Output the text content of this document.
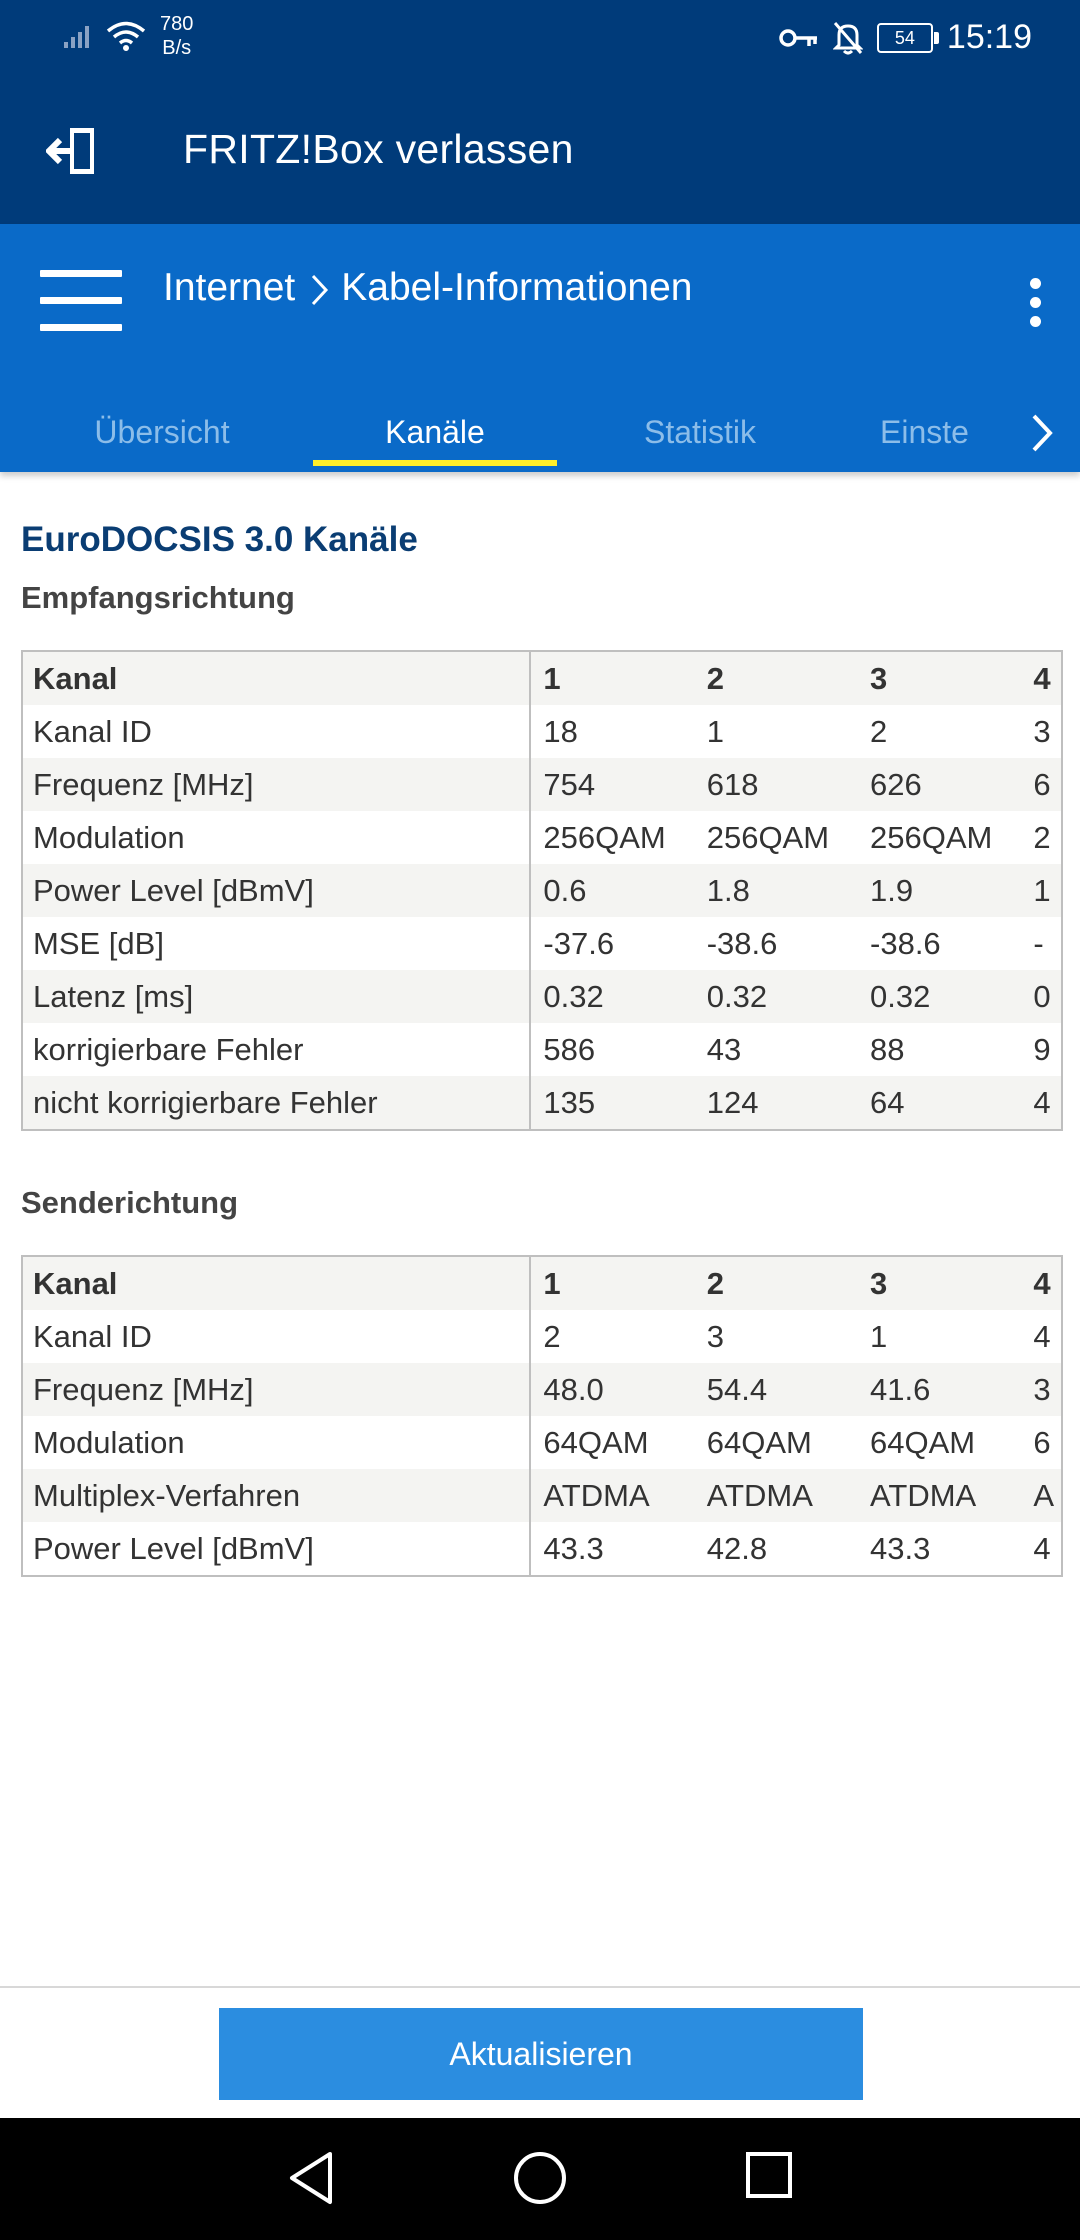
780
B/s	54 15:19
FRITZ!Box verlassen
Internet Kabel-Informationen
Übersicht	Kanäle	Statistik	Einste
EuroDOCSIS 3.0 Kanäle
Empfangsrichtung
Kanal	1	2	3	4
Kanal ID	18	1	2	3
Frequenz [MHz]	754	618	626	6
Modulation	256QAM	256QAM	256QAM	2
Power Level [dBmV]	0.6	1.8	1.9	1
MSE [dB]	-37.6	-38.6	-38.6	-
Latenz [ms]	0.32	0.32	0.32	0
korrigierbare Fehler	586	43	88	9
nicht korrigierbare Fehler	135	124	64	4
Senderichtung
Kanal	1	2	3	4
Kanal ID	2	3	1	4
Frequenz [MHz]	48.0	54.4	41.6	3
Modulation	64QAM	64QAM	64QAM	6
Multiplex-Verfahren	ATDMA	ATDMA	ATDMA	A
Power Level [dBmV]	43.3	42.8	43.3	4
Aktualisieren
